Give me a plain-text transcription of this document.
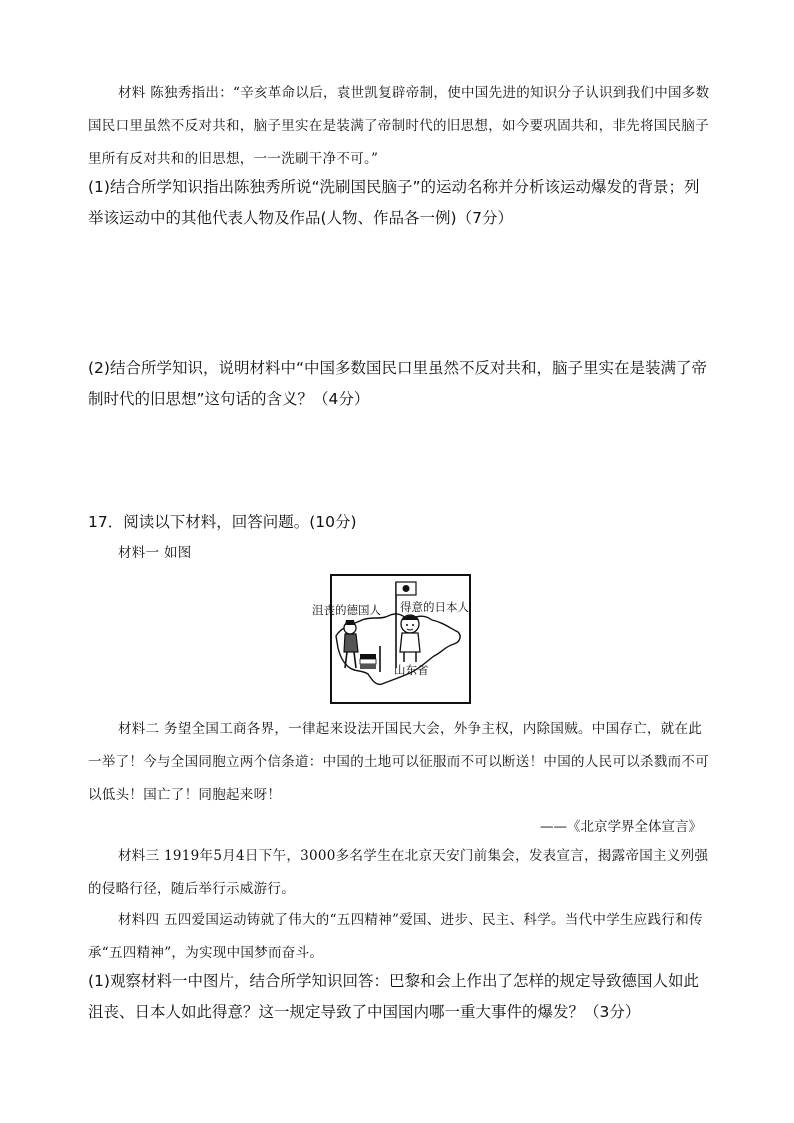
材料 陈独秀指出：“辛亥革命以后，袁世凯复辟帝制，使中国先进的知识分子认识到我们中国多数国民口里虽然不反对共和，脑子里实在是装满了帝制时代的旧思想，如今要巩固共和，非先将国民脑子里所有反对共和的旧思想，一一洗刷干净不可。”

(1)结合所学知识指出陈独秀所说“洗刷国民脑子”的运动名称并分析该运动爆发的背景；列举该运动中的其他代表人物及作品(人物、作品各一例)（7分）

(2)结合所学知识，说明材料中“中国多数国民口里虽然不反对共和，脑子里实在是装满了帝制时代的旧思想”这句话的含义？（4分）

17．阅读以下材料，回答问题。(10分)

材料一 如图

沮丧的德国人 得意的日本人
山东省

材料二 务望全国工商各界，一律起来设法开国民大会，外争主权，内除国贼。中国存亡，就在此一举了！今与全国同胞立两个信条道：中国的土地可以征服而不可以断送！中国的人民可以杀戮而不可以低头！国亡了！同胞起来呀！

——《北京学界全体宣言》

材料三 1919年5月4日下午，3000多名学生在北京天安门前集会，发表宣言，揭露帝国主义列强的侵略行径，随后举行示威游行。

材料四 五四爱国运动铸就了伟大的“五四精神”爱国、进步、民主、科学。当代中学生应践行和传承“五四精神”，为实现中国梦而奋斗。

(1)观察材料一中图片，结合所学知识回答：巴黎和会上作出了怎样的规定导致德国人如此沮丧、日本人如此得意？这一规定导致了中国国内哪一重大事件的爆发？（3分）
